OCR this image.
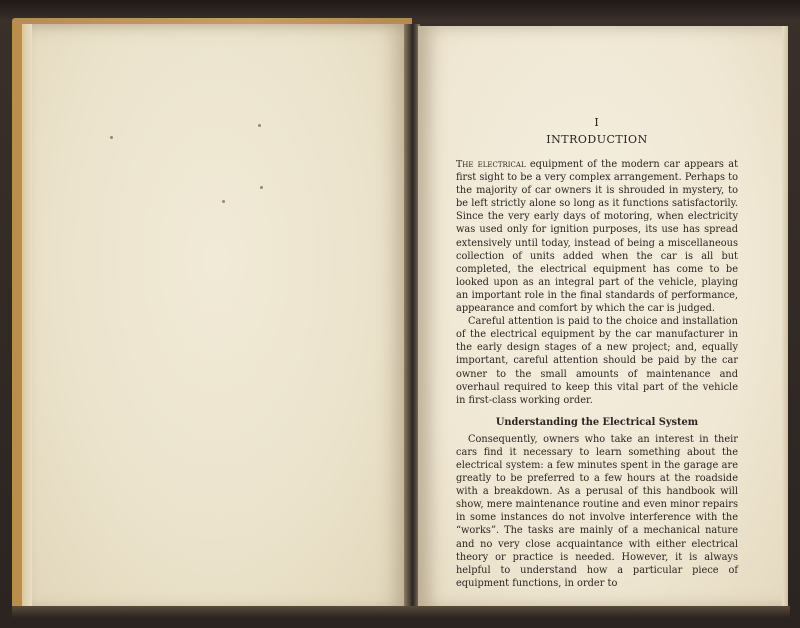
I
INTRODUCTION

The electrical equipment of the modern car appears at first sight to be a very complex arrangement. Perhaps to the majority of car owners it is shrouded in mystery, to be left strictly alone so long as it functions satisfactorily. Since the very early days of motoring, when electricity was used only for ignition purposes, its use has spread extensively until today, instead of being a miscellaneous collection of units added when the car is all but completed, the electrical equipment has come to be looked upon as an integral part of the vehicle, playing an important role in the final standards of performance, appearance and comfort by which the car is judged.

Careful attention is paid to the choice and installation of the electrical equipment by the car manufacturer in the early design stages of a new project; and, equally important, careful attention should be paid by the car owner to the small amounts of maintenance and overhaul required to keep this vital part of the vehicle in first-class working order.

Understanding the Electrical System

Consequently, owners who take an interest in their cars find it necessary to learn something about the electrical system: a few minutes spent in the garage are greatly to be preferred to a few hours at the roadside with a breakdown. As a perusal of this handbook will show, mere maintenance routine and even minor repairs in some instances do not involve interference with the “works”. The tasks are mainly of a mechanical nature and no very close acquaintance with either electrical theory or practice is needed. However, it is always helpful to understand how a particular piece of equipment functions, in order to
